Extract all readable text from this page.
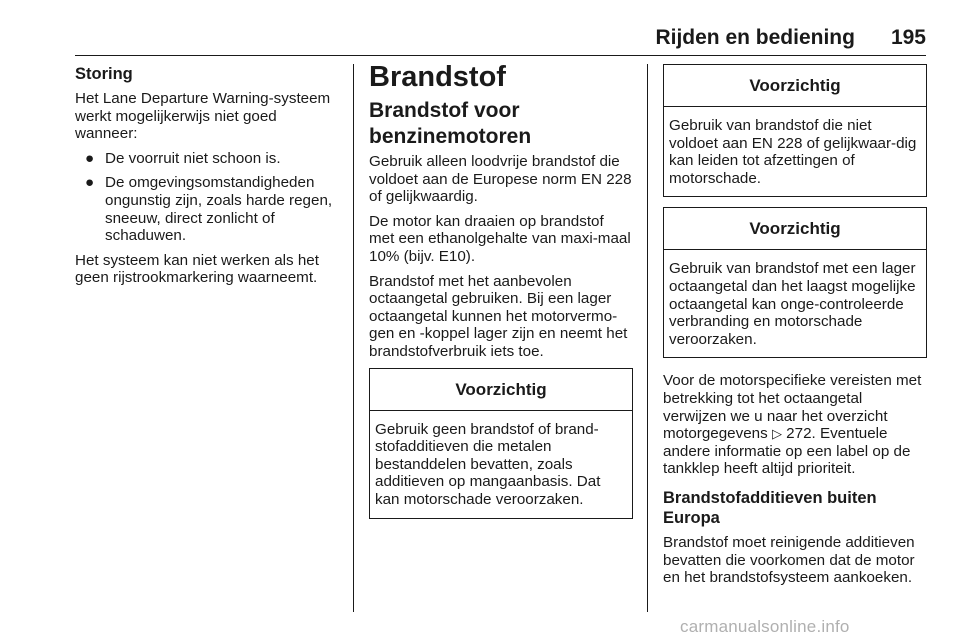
Rijden en bediening 195
Storing

Het Lane Departure Warning-systeem werkt mogelijkerwijs niet goed wanneer:

● De voorruit niet schoon is.
● De omgevingsomstandigheden ongunstig zijn, zoals harde regen, sneeuw, direct zonlicht of schaduwen.

Het systeem kan niet werken als het geen rijstrookmarkering waarneemt.

Brandstof
Brandstof voor benzinemotoren

Gebruik alleen loodvrije brandstof die voldoet aan de Europese norm EN 228 of gelijkwaardig.

De motor kan draaien op brandstof met een ethanolgehalte van maxi-maal 10% (bijv. E10).

Brandstof met het aanbevolen octaangetal gebruiken. Bij een lager octaangetal kunnen het motorvermo-gen en -koppel lager zijn en neemt het brandstofverbruik iets toe.

Voorzichtig
Gebruik geen brandstof of brand-stofadditieven die metalen bestanddelen bevatten, zoals additieven op mangaanbasis. Dat kan motorschade veroorzaken.
Voorzichtig
Gebruik van brandstof die niet voldoet aan EN 228 of gelijkwaar-dig kan leiden tot afzettingen of motorschade.
Voorzichtig
Gebruik van brandstof met een lager octaangetal dan het laagst mogelijke octaangetal kan onge-controleerde verbranding en motorschade veroorzaken.

Voor de motorspecifieke vereisten met betrekking tot het octaangetal verwijzen we u naar het overzicht motorgegevens ▷ 272. Eventuele andere informatie op een label op de tankklep heeft altijd prioriteit.

Brandstofadditieven buiten Europa

Brandstof moet reinigende additieven bevatten die voorkomen dat de motor en het brandstofsysteem aankoeken.

carmanualsonline.info
